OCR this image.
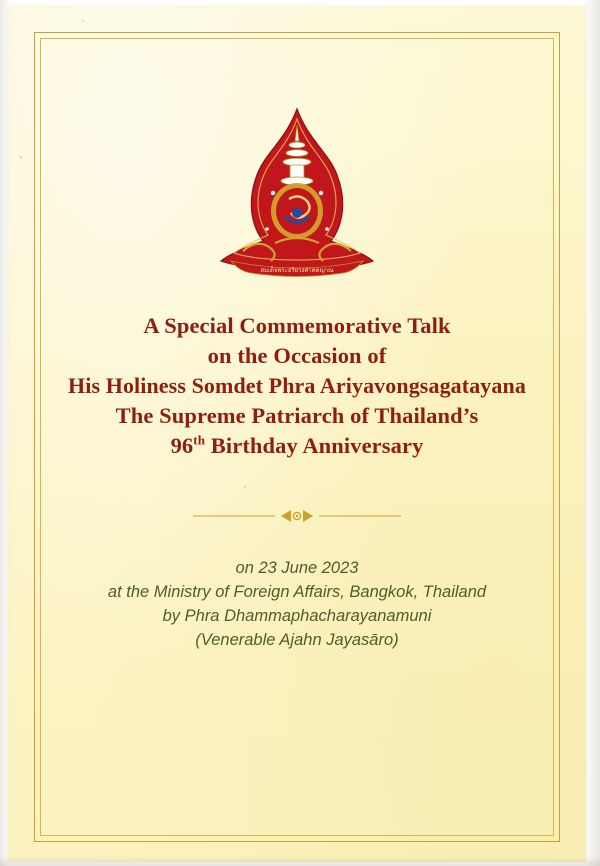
สมเด็จพระอริยวงศาคตญาณ
A Special Commemorative Talk
on the Occasion of
His Holiness Somdet Phra Ariyavongsagatayana
The Supreme Patriarch of Thailand’s
96th Birthday Anniversary
on 23 June 2023
at the Ministry of Foreign Affairs, Bangkok, Thailand
by Phra Dhammaphacharayanamuni
(Venerable Ajahn Jayasāro)
